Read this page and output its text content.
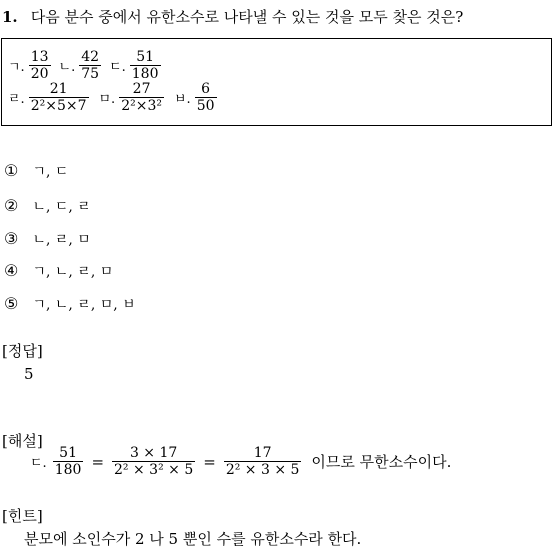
1. 다음 분수 중에서 유한소수로 나타낼 수 있는 것을 모두 찾은 것은?
ㄱ. $\frac{13}{20}$ ㄴ. $\frac{42}{75}$ ㄷ. $\frac{51}{180}$
ㄹ. $\frac{21}{\text{2²×5×7}}$ ㅁ. $\frac{27}{\text{2²×3²}}$ ㅂ. $\frac{6}{50}$
① ㄱ, ㄷ
② ㄴ, ㄷ, ㄹ
③ ㄴ, ㄹ, ㅁ
④ ㄱ, ㄴ, ㄹ, ㅁ
⑤ ㄱ, ㄴ, ㄹ, ㅁ, ㅂ
[정답]
5
[해설]
ㄷ. $\frac{51}{180} = \frac{3 \times 17}{\text{2² × 3² × 5}} = \frac{17}{\text{2² × 3 × 5}}$ 이므로 무한소수이다.
[힌트]
분모에 소인수가 2 나 5 뿐인 수를 유한소수라 한다.
